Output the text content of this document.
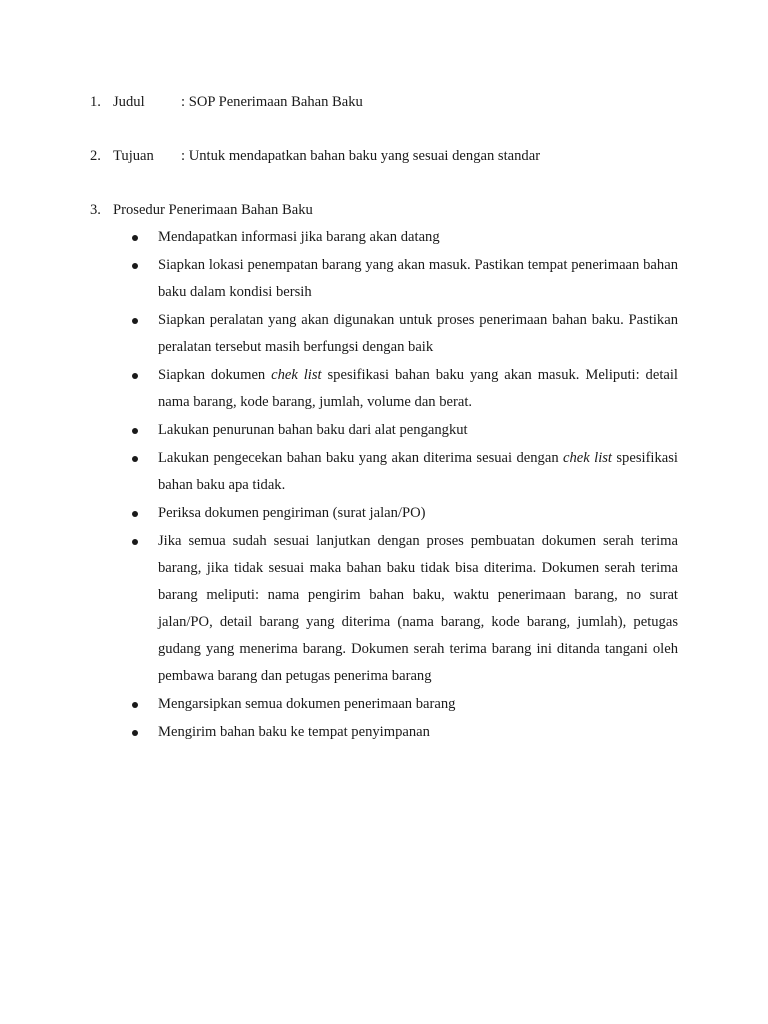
1. Judul : SOP Penerimaan Bahan Baku
2. Tujuan : Untuk mendapatkan bahan baku yang sesuai dengan standar
3. Prosedur Penerimaan Bahan Baku
Mendapatkan informasi jika barang akan datang
Siapkan lokasi penempatan barang yang akan masuk. Pastikan tempat penerimaan bahan baku dalam kondisi bersih
Siapkan peralatan yang akan digunakan untuk proses penerimaan bahan baku. Pastikan peralatan tersebut masih berfungsi dengan baik
Siapkan dokumen chek list spesifikasi bahan baku yang akan masuk. Meliputi: detail nama barang, kode barang, jumlah, volume dan berat.
Lakukan penurunan bahan baku dari alat pengangkut
Lakukan pengecekan bahan baku yang akan diterima sesuai dengan chek list spesifikasi bahan baku apa tidak.
Periksa dokumen pengiriman (surat jalan/PO)
Jika semua sudah sesuai lanjutkan dengan proses pembuatan dokumen serah terima barang, jika tidak sesuai maka bahan baku tidak bisa diterima. Dokumen serah terima barang meliputi: nama pengirim bahan baku, waktu penerimaan barang, no surat jalan/PO, detail barang yang diterima (nama barang, kode barang, jumlah), petugas gudang yang menerima barang. Dokumen serah terima barang ini ditanda tangani oleh pembawa barang dan petugas penerima barang
Mengarsipkan semua dokumen penerimaan barang
Mengirim bahan baku ke tempat penyimpanan
